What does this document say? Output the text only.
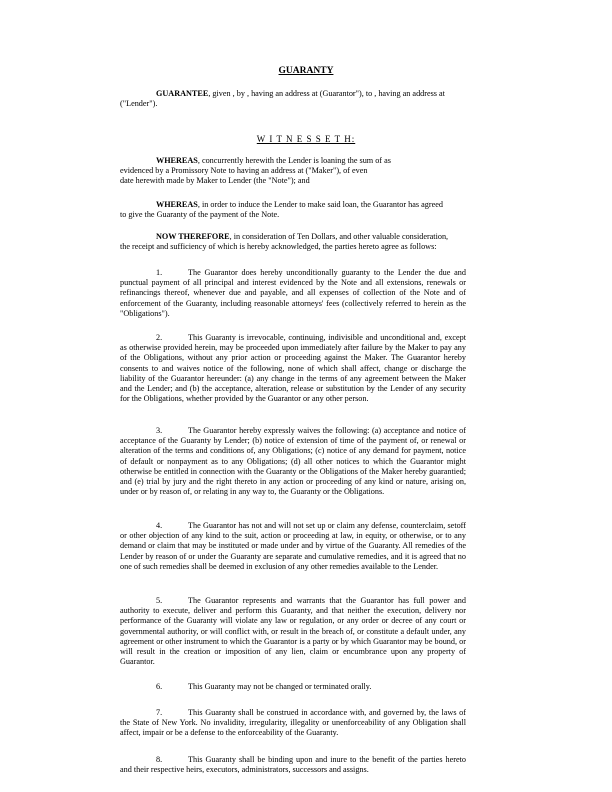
GUARANTY
GUARANTEE, given , by , having an address at (Guarantor"), to , having an address at
("Lender").
W I T N E S S E T H:
WHEREAS, concurrently herewith the Lender is loaning the sum of as
evidenced by a Promissory Note to having an address at ("Maker"), of even
date herewith made by Maker to Lender (the "Note"); and
WHEREAS, in order to induce the Lender to make said loan, the Guarantor has agreed
to give the Guaranty of the payment of the Note.
NOW THEREFORE, in consideration of Ten Dollars, and other valuable consideration,
the receipt and sufficiency of which is hereby acknowledged, the parties hereto agree as follows:
1.	The Guarantor does hereby unconditionally guaranty to the Lender the due and punctual payment of all principal and interest evidenced by the Note and all extensions, renewals or refinancings thereof, whenever due and payable, and all expenses of collection of the Note and of enforcement of the Guaranty, including reasonable attorneys' fees (collectively referred to herein as the "Obligations").
2.	This Guaranty is irrevocable, continuing, indivisible and unconditional and, except as otherwise provided herein, may be proceeded upon immediately after failure by the Maker to pay any of the Obligations, without any prior action or proceeding against the Maker. The Guarantor hereby consents to and waives notice of the following, none of which shall affect, change or discharge the liability of the Guarantor hereunder: (a) any change in the terms of any agreement between the Maker and the Lender; and (b) the acceptance, alteration, release or substitution by the Lender of any security for the Obligations, whether provided by the Guarantor or any other person.
3.	The Guarantor hereby expressly waives the following: (a) acceptance and notice of acceptance of the Guaranty by Lender; (b) notice of extension of time of the payment of, or renewal or alteration of the terms and conditions of, any Obligations; (c) notice of any demand for payment, notice of default or nonpayment as to any Obligations; (d) all other notices to which the Guarantor might otherwise be entitled in connection with the Guaranty or the Obligations of the Maker hereby guarantied; and (e) trial by jury and the right thereto in any action or proceeding of any kind or nature, arising on, under or by reason of, or relating in any way to, the Guaranty or the Obligations.
4.	The Guarantor has not and will not set up or claim any defense, counterclaim, setoff or other objection of any kind to the suit, action or proceeding at law, in equity, or otherwise, or to any demand or claim that may be instituted or made under and by virtue of the Guaranty. All remedies of the Lender by reason of or under the Guaranty are separate and cumulative remedies, and it is agreed that no one of such remedies shall be deemed in exclusion of any other remedies available to the Lender.
5.	The Guarantor represents and warrants that the Guarantor has full power and authority to execute, deliver and perform this Guaranty, and that neither the execution, delivery nor performance of the Guaranty will violate any law or regulation, or any order or decree of any court or governmental authority, or will conflict with, or result in the breach of, or constitute a default under, any agreement or other instrument to which the Guarantor is a party or by which Guarantor may be bound, or will result in the creation or imposition of any lien, claim or encumbrance upon any property of Guarantor.
6.	This Guaranty may not be changed or terminated orally.
7.	This Guaranty shall be construed in accordance with, and governed by, the laws of the State of New York. No invalidity, irregularity, illegality or unenforceability of any Obligation shall affect, impair or be a defense to the enforceability of the Guaranty.
8.	This Guaranty shall be binding upon and inure to the benefit of the parties hereto and their respective heirs, executors, administrators, successors and assigns.
